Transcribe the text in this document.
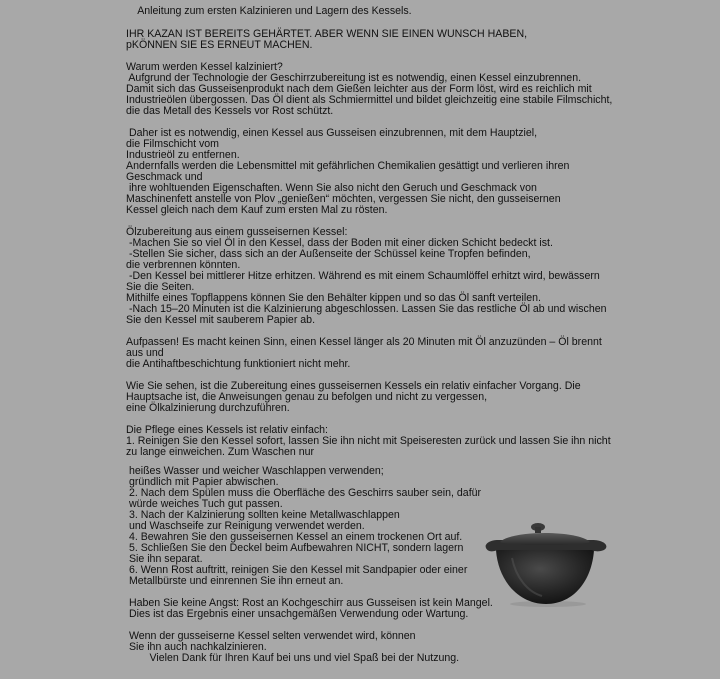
Anleitung zum ersten Kalzinieren und Lagern des Kessels.
IHR KAZAN IST BEREITS GEHÄRTET. ABER WENN SIE EINEN WUNSCH HABEN,
pKÖNNEN SIE ES ERNEUT MACHEN.
Warum werden Kessel kalziniert?
Aufgrund der Technologie der Geschirrzubereitung ist es notwendig, einen Kessel einzubrennen.
Damit sich das Gusseisenprodukt nach dem Gießen leichter aus der Form löst, wird es reichlich mit
Industrieölen übergossen. Das Öl dient als Schmiermittel und bildet gleichzeitig eine stabile Filmschicht,
die das Metall des Kessels vor Rost schützt.
Daher ist es notwendig, einen Kessel aus Gusseisen einzubrennen, mit dem Hauptziel,
die Filmschicht vom
Industrieöl zu entfernen.
Andernfalls werden die Lebensmittel mit gefährlichen Chemikalien gesättigt und verlieren ihren
Geschmack und
ihre wohltuenden Eigenschaften. Wenn Sie also nicht den Geruch und Geschmack von
Maschinenfett anstelle von Plov „genießen“ möchten, vergessen Sie nicht, den gusseisernen
Kessel gleich nach dem Kauf zum ersten Mal zu rösten.
Ölzubereitung aus einem gusseisernen Kessel:
-Machen Sie so viel Öl in den Kessel, dass der Boden mit einer dicken Schicht bedeckt ist.
-Stellen Sie sicher, dass sich an der Außenseite der Schüssel keine Tropfen befinden,
die verbrennen könnten.
-Den Kessel bei mittlerer Hitze erhitzen. Während es mit einem Schaumlöffel erhitzt wird, bewässern
Sie die Seiten.
Mithilfe eines Topflappens können Sie den Behälter kippen und so das Öl sanft verteilen.
-Nach 15–20 Minuten ist die Kalzinierung abgeschlossen. Lassen Sie das restliche Öl ab und wischen
Sie den Kessel mit sauberem Papier ab.
Aufpassen! Es macht keinen Sinn, einen Kessel länger als 20 Minuten mit Öl anzuzünden – Öl brennt
aus und
die Antihaftbeschichtung funktioniert nicht mehr.
Wie Sie sehen, ist die Zubereitung eines gusseisernen Kessels ein relativ einfacher Vorgang. Die
Hauptsache ist, die Anweisungen genau zu befolgen und nicht zu vergessen,
eine Ölkalzinierung durchzuführen.
Die Pflege eines Kessels ist relativ einfach:
1. Reinigen Sie den Kessel sofort, lassen Sie ihn nicht mit Speiseresten zurück und lassen Sie ihn nicht
zu lange einweichen. Zum Waschen nur
heißes Wasser und weicher Waschlappen verwenden;
gründlich mit Papier abwischen.
2. Nach dem Spülen muss die Oberfläche des Geschirrs sauber sein, dafür
würde weiches Tuch gut passen.
3. Nach der Kalzinierung sollten keine Metallwaschlappen
und Waschseife zur Reinigung verwendet werden.
4. Bewahren Sie den gusseisernen Kessel an einem trockenen Ort auf.
5. Schließen Sie den Deckel beim Aufbewahren NICHT, sondern lagern
Sie ihn separat.
6. Wenn Rost auftritt, reinigen Sie den Kessel mit Sandpapier oder einer
Metallbürste und einrennen Sie ihn erneut an.
Haben Sie keine Angst: Rost an Kochgeschirr aus Gusseisen ist kein Mangel.
Dies ist das Ergebnis einer unsachgemäßen Verwendung oder Wartung.
Wenn der gusseiserne Kessel selten verwendet wird, können
Sie ihn auch nachkalzinieren.
Vielen Dank für Ihren Kauf bei uns und viel Spaß bei der Nutzung.
